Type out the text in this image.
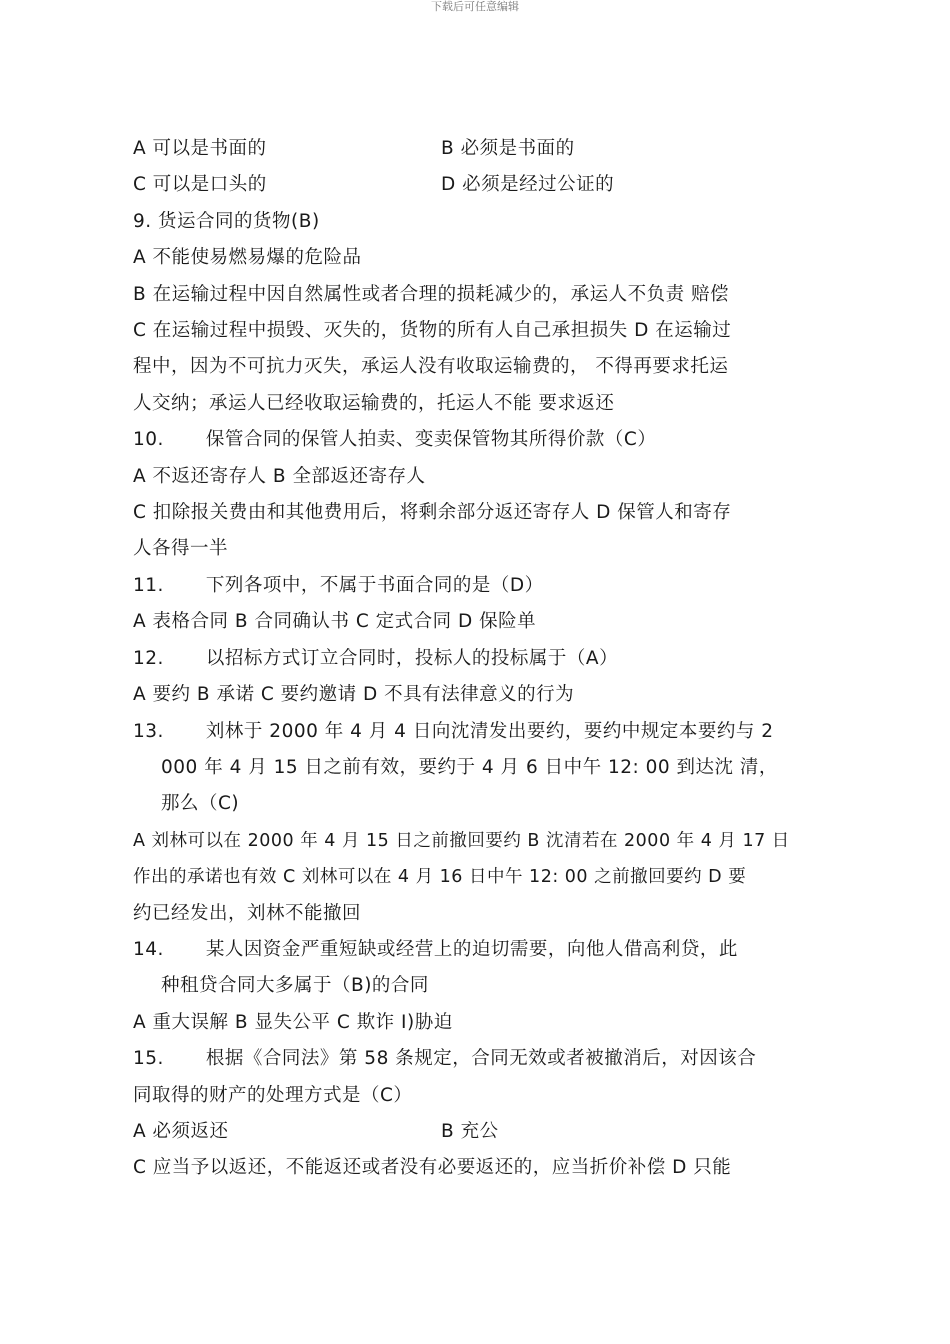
下载后可任意编辑
A 可以是书面的	B 必须是书面的
C 可以是口头的	D 必须是经过公证的
9. 货运合同的货物(B)
A 不能使易燃易爆的危险品
B 在运输过程中因自然属性或者合理的损耗减少的，承运人不负责 赔偿
C 在运输过程中损毁、灭失的，货物的所有人自己承担损失 D 在运输过
程中，因为不可抗力灭失，承运人没有收取运输费的， 不得再要求托运
人交纳；承运人已经收取运输费的，托运人不能 要求返还
10. 保管合同的保管人拍卖、变卖保管物其所得价款（C）
A 不返还寄存人 B 全部返还寄存人
C 扣除报关费由和其他费用后，将剩余部分返还寄存人 D 保管人和寄存
人各得一半
11. 下列各项中，不属于书面合同的是（D）
A 表格合同 B 合同确认书 C 定式合同 D 保险单
12. 以招标方式订立合同时，投标人的投标属于（A）
A 要约 B 承诺 C 要约邀请 D 不具有法律意义的行为
13. 刘林于 2000 年 4 月 4 日向沈清发出要约，要约中规定本要约与 2
000 年 4 月 15 日之前有效，要约于 4 月 6 日中午 12: 00 到达沈 清，
那么（C)
A 刘林可以在 2000 年 4 月 15 日之前撤回要约 B 沈清若在 2000 年 4 月 17 日
作出的承诺也有效 C 刘林可以在 4 月 16 日中午 12: 00 之前撤回要约 D 要
约已经发出，刘林不能撤回
14. 某人因资金严重短缺或经营上的迫切需要，向他人借高利贷，此
种租贷合同大多属于（B)的合同
A 重大误解 B 显失公平 C 欺诈 I)胁迫
15. 根据《合同法》第 58 条规定，合同无效或者被撤消后，对因该合
同取得的财产的处理方式是（C）
A 必须返还	B 充公
C 应当予以返还，不能返还或者没有必要返还的，应当折价补偿 D 只能
